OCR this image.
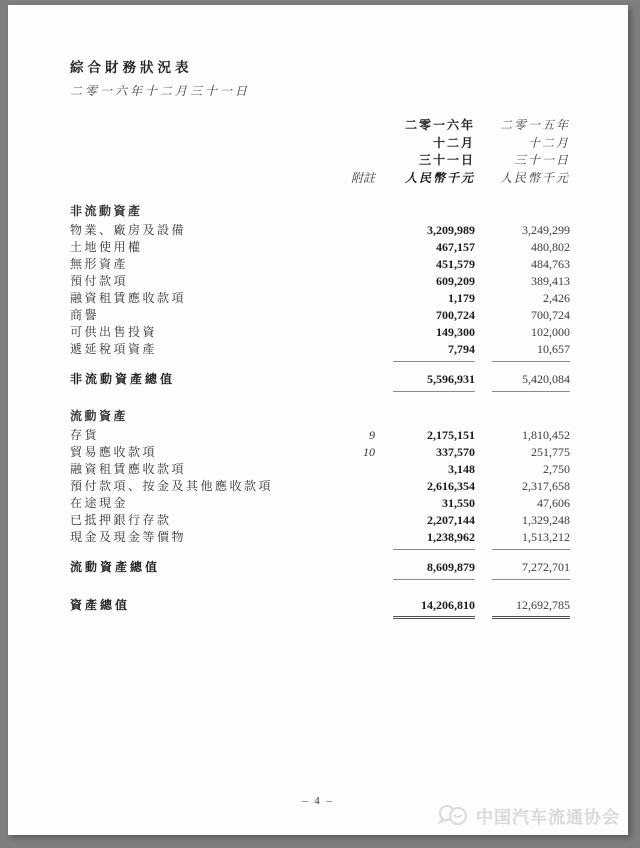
綜合財務狀況表
二零一六年十二月三十一日
二零一六年	二零一五年
十二月	十二月
三十一日	三十一日
附註	人民幣千元	人民幣千元
非流動資產
物業、廠房及設備	3,209,989	3,249,299
土地使用權	467,157	480,802
無形資產	451,579	484,763
預付款項	609,209	389,413
融資租賃應收款項	1,179	2,426
商譽	700,724	700,724
可供出售投資	149,300	102,000
遞延稅項資產	7,794	10,657
非流動資產總值	5,596,931	5,420,084
流動資產
存貨	9	2,175,151	1,810,452
貿易應收款項	10	337,570	251,775
融資租賃應收款項	3,148	2,750
預付款項、按金及其他應收款項	2,616,354	2,317,658
在途現金	31,550	47,606
已抵押銀行存款	2,207,144	1,329,248
現金及現金等價物	1,238,962	1,513,212
流動資產總值	8,609,879	7,272,701
資產總值	14,206,810	12,692,785
– 4 –
中国汽车流通协会
